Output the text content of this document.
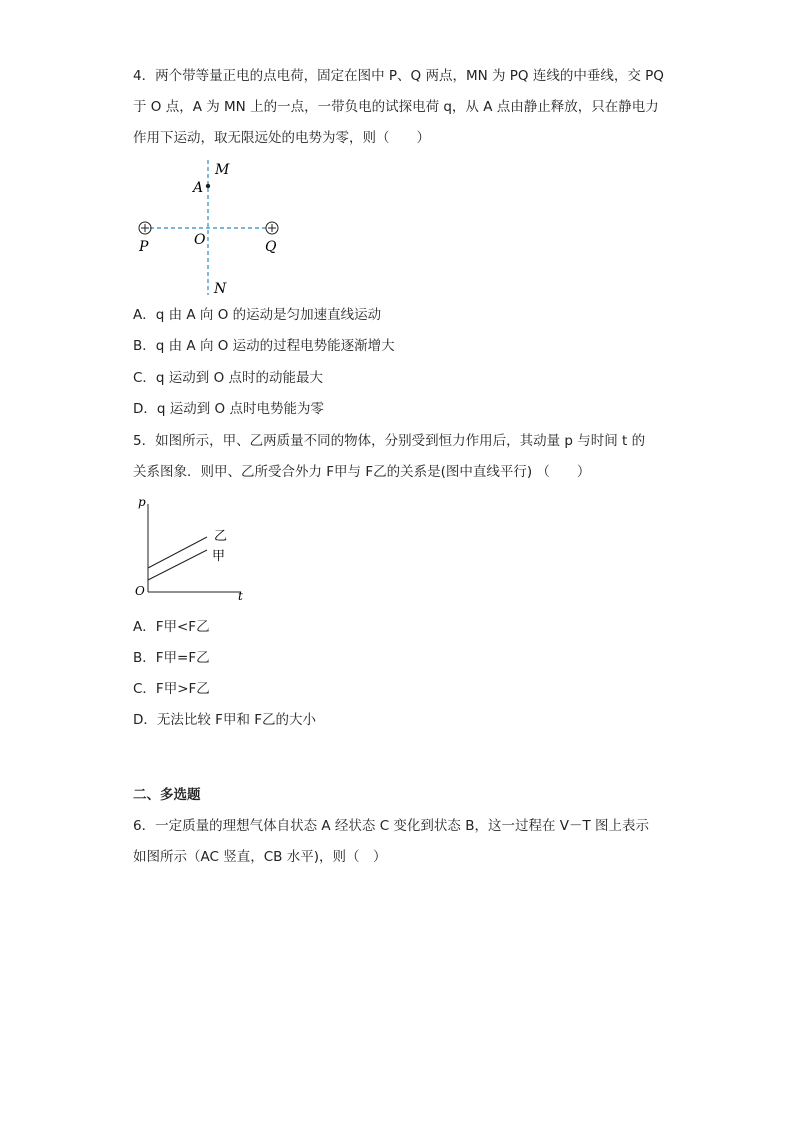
4．两个带等量正电的点电荷，固定在图中 P、Q 两点，MN 为 PQ 连线的中垂线，交 PQ
于 O 点，A 为 MN 上的一点，一带负电的试探电荷 q，从 A 点由静止释放，只在静电力
作用下运动，取无限远处的电势为零，则（　　）
M
A
P	O	Q
N
A．q 由 A 向 O 的运动是匀加速直线运动
B．q 由 A 向 O 运动的过程电势能逐渐增大
C．q 运动到 O 点时的动能最大
D．q 运动到 O 点时电势能为零
5．如图所示，甲、乙两质量不同的物体，分别受到恒力作用后，其动量 p 与时间 t 的
关系图象．则甲、乙所受合外力 F甲与 F乙的关系是(图中直线平行) （　　）
p
t
O
乙
甲
A．F甲<F乙
B．F甲=F乙
C．F甲>F乙
D．无法比较 F甲和 F乙的大小
二、多选题
6．一定质量的理想气体自状态 A 经状态 C 变化到状态 B，这一过程在 V－T 图上表示
如图所示（AC 竖直，CB 水平)，则（　）
